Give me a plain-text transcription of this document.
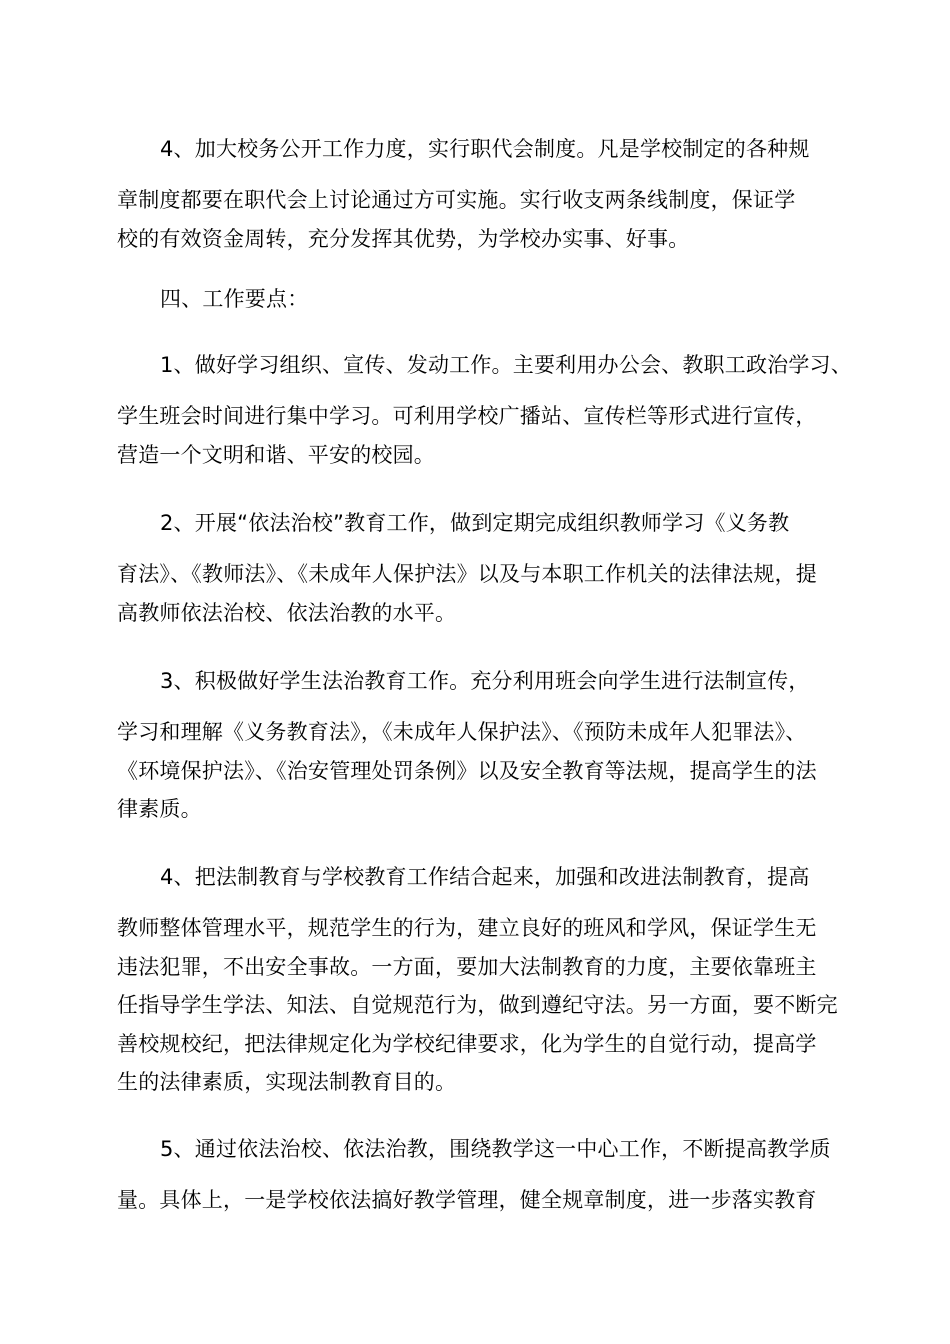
4、加大校务公开工作力度，实行职代会制度。凡是学校制定的各种规
章制度都要在职代会上讨论通过方可实施。实行收支两条线制度，保证学
校的有效资金周转，充分发挥其优势，为学校办实事、好事。
四、工作要点：
1、做好学习组织、宣传、发动工作。主要利用办公会、教职工政治学习、
学生班会时间进行集中学习。可利用学校广播站、宣传栏等形式进行宣传，
营造一个文明和谐、平安的校园。
2、开展“依法治校”教育工作，做到定期完成组织教师学习《义务教
育法》、《教师法》、《未成年人保护法》以及与本职工作机关的法律法规，提
高教师依法治校、依法治教的水平。
3、积极做好学生法治教育工作。充分利用班会向学生进行法制宣传，
学习和理解《义务教育法》，《未成年人保护法》、《预防未成年人犯罪法》、
《环境保护法》、《治安管理处罚条例》以及安全教育等法规，提高学生的法
律素质。
4、把法制教育与学校教育工作结合起来，加强和改进法制教育，提高
教师整体管理水平，规范学生的行为，建立良好的班风和学风，保证学生无
违法犯罪，不出安全事故。一方面，要加大法制教育的力度，主要依靠班主
任指导学生学法、知法、自觉规范行为，做到遵纪守法。另一方面，要不断完
善校规校纪，把法律规定化为学校纪律要求，化为学生的自觉行动，提高学
生的法律素质，实现法制教育目的。
5、通过依法治校、依法治教，围绕教学这一中心工作，不断提高教学质
量。具体上，一是学校依法搞好教学管理，健全规章制度，进一步落实教育
